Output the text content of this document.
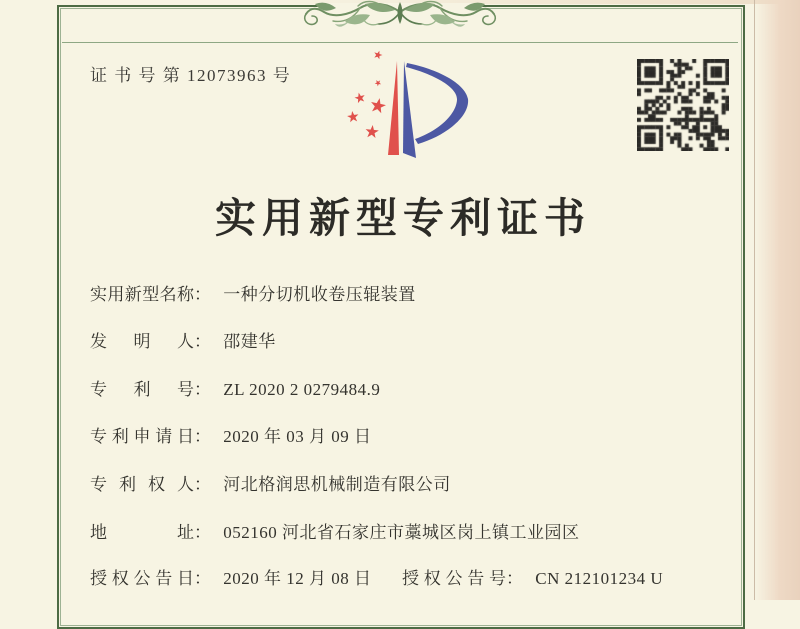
证 书 号 第 12073963 号
实用新型专利证书
实用新型名称： 一种分切机收卷压辊装置
发明人： 邵建华
专利号： ZL 2020 2 0279484.9
专利申请日： 2020 年 03 月 09 日
专利权人： 河北格润思机械制造有限公司
地址： 052160 河北省石家庄市藁城区岗上镇工业园区
授权公告日： 2020 年 12 月 08 日 授权公告号： CN 212101234 U
